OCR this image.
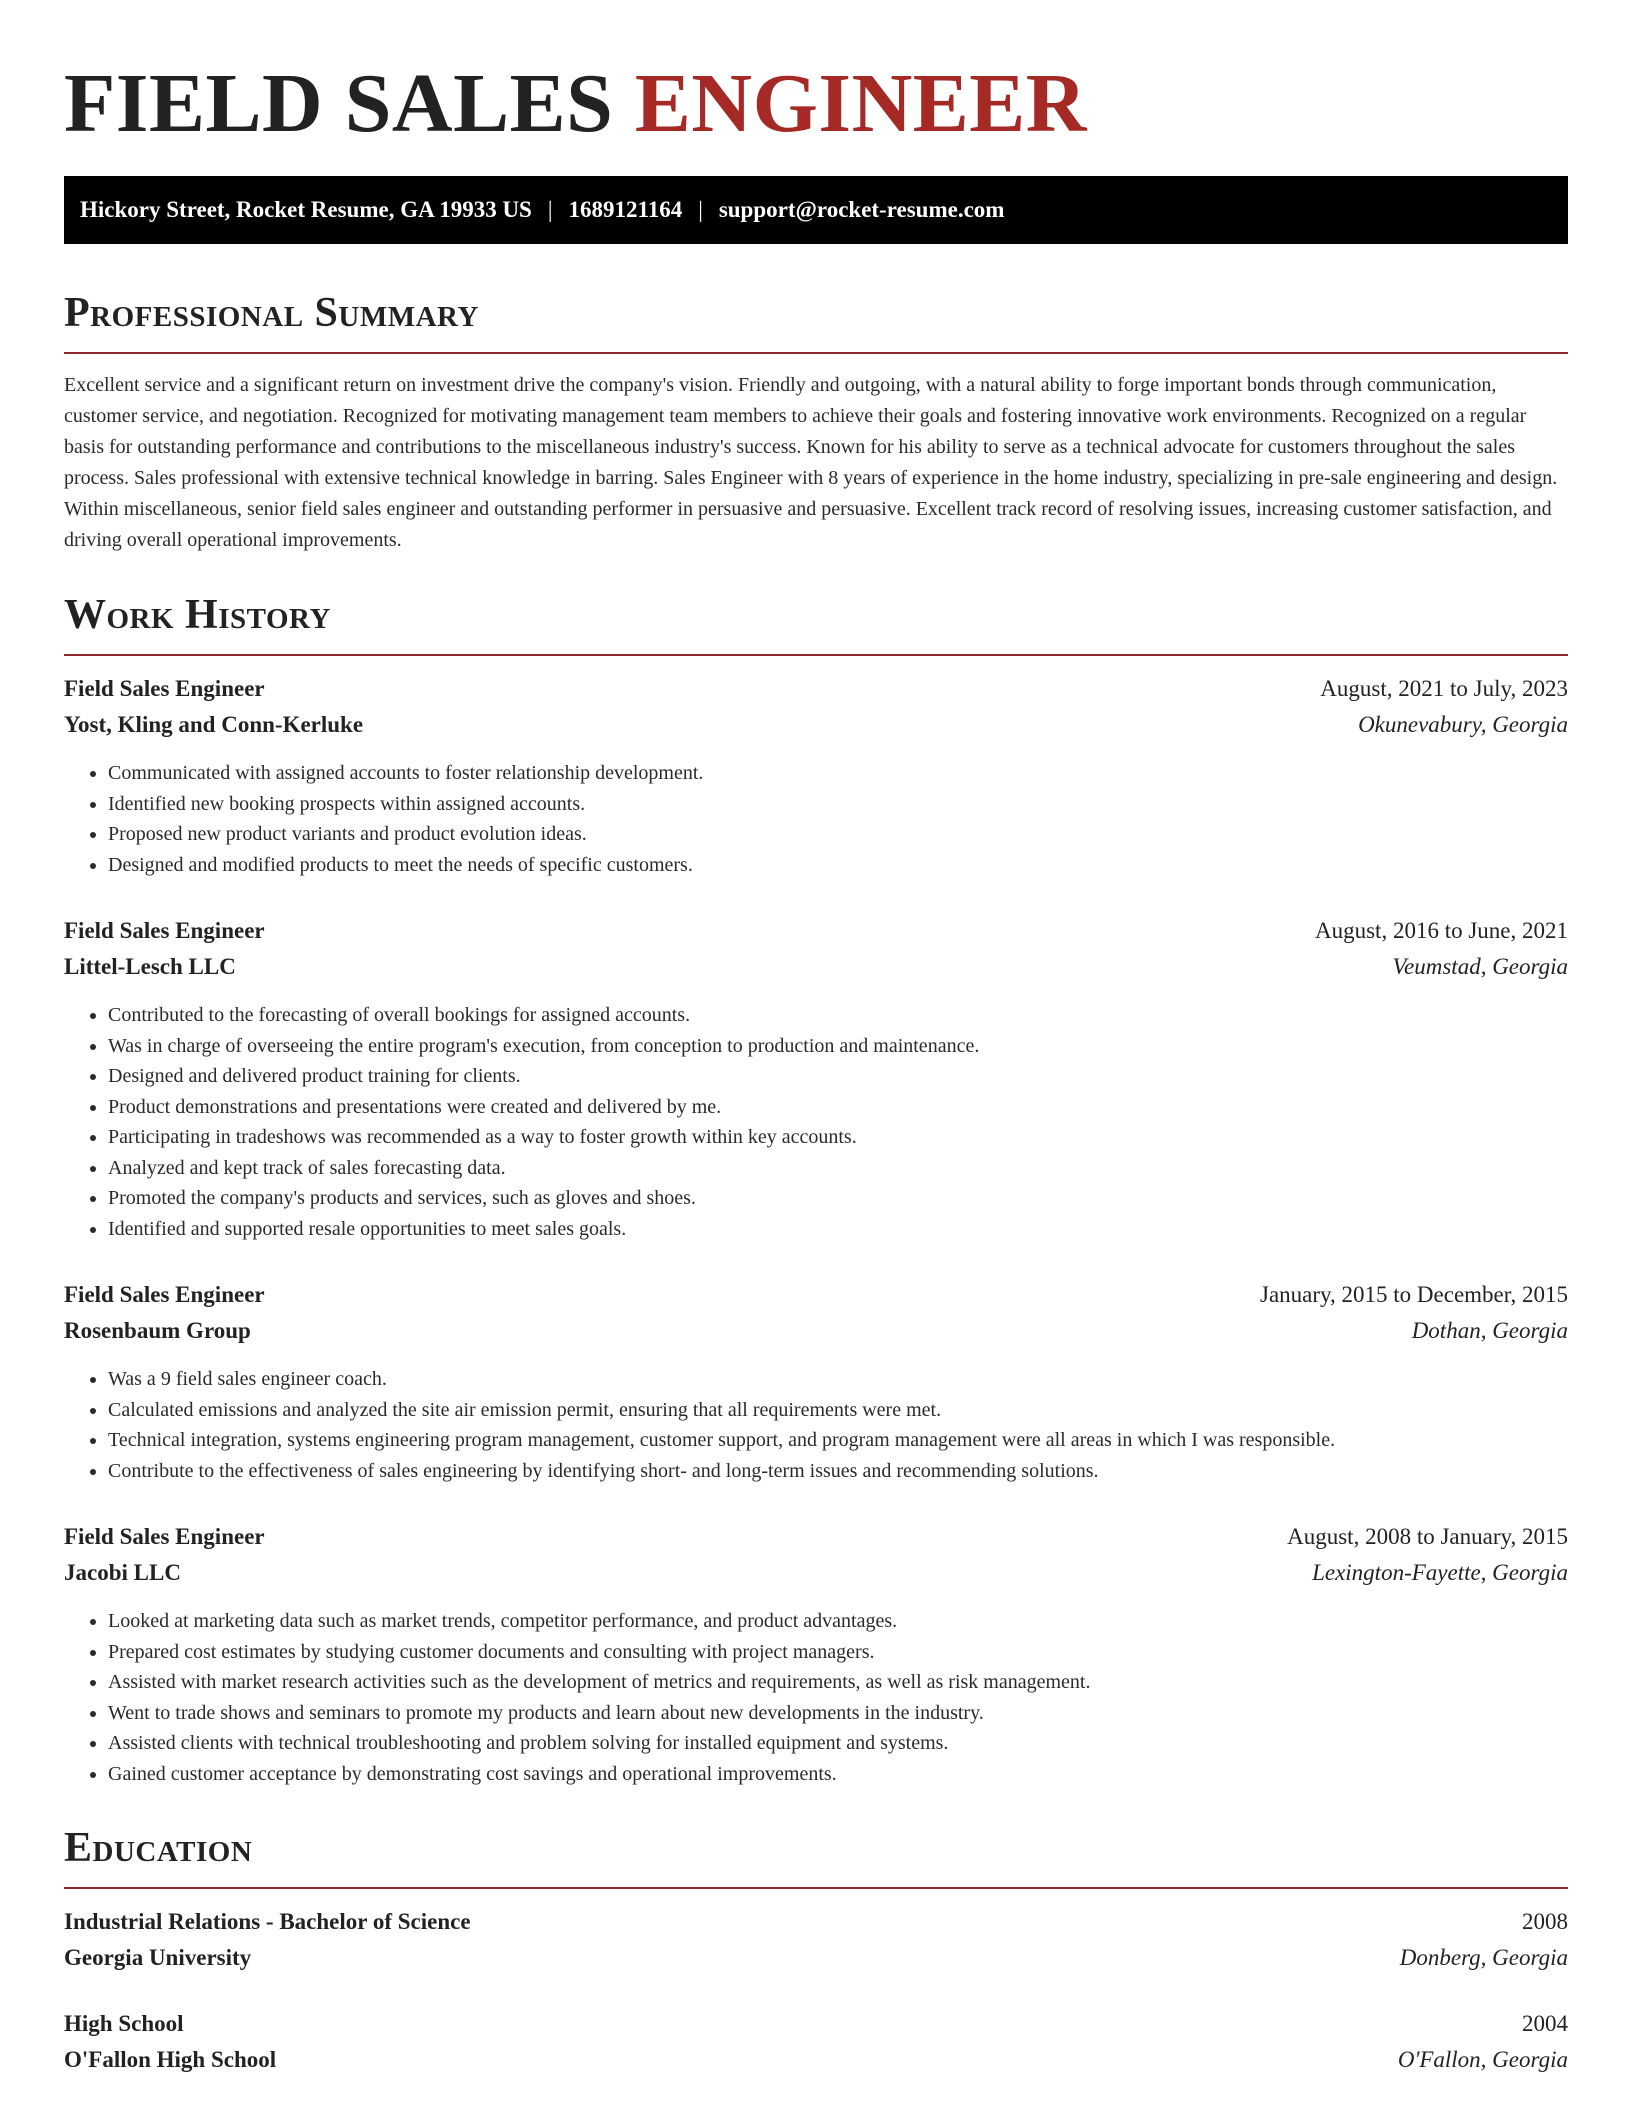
FIELD SALES ENGINEER
Hickory Street, Rocket Resume, GA 19933 US | 1689121164 | support@rocket-resume.com
Professional Summary

Excellent service and a significant return on investment drive the company's vision. Friendly and outgoing, with a natural ability to forge important bonds through communication, customer service, and negotiation. Recognized for motivating management team members to achieve their goals and fostering innovative work environments. Recognized on a regular basis for outstanding performance and contributions to the miscellaneous industry's success. Known for his ability to serve as a technical advocate for customers throughout the sales process. Sales professional with extensive technical knowledge in barring. Sales Engineer with 8 years of experience in the home industry, specializing in pre-sale engineering and design. Within miscellaneous, senior field sales engineer and outstanding performer in persuasive and persuasive. Excellent track record of resolving issues, increasing customer satisfaction, and driving overall operational improvements.

Work History
Field Sales Engineer	August, 2021 to July, 2023
Yost, Kling and Conn-Kerluke	Okunevabury, Georgia
• Communicated with assigned accounts to foster relationship development.
• Identified new booking prospects within assigned accounts.
• Proposed new product variants and product evolution ideas.
• Designed and modified products to meet the needs of specific customers.
Field Sales Engineer	August, 2016 to June, 2021
Littel-Lesch LLC	Veumstad, Georgia
• Contributed to the forecasting of overall bookings for assigned accounts.
• Was in charge of overseeing the entire program's execution, from conception to production and maintenance.
• Designed and delivered product training for clients.
• Product demonstrations and presentations were created and delivered by me.
• Participating in tradeshows was recommended as a way to foster growth within key accounts.
• Analyzed and kept track of sales forecasting data.
• Promoted the company's products and services, such as gloves and shoes.
• Identified and supported resale opportunities to meet sales goals.
Field Sales Engineer	January, 2015 to December, 2015
Rosenbaum Group	Dothan, Georgia
• Was a 9 field sales engineer coach.
• Calculated emissions and analyzed the site air emission permit, ensuring that all requirements were met.
• Technical integration, systems engineering program management, customer support, and program management were all areas in which I was responsible.
• Contribute to the effectiveness of sales engineering by identifying short- and long-term issues and recommending solutions.
Field Sales Engineer	August, 2008 to January, 2015
Jacobi LLC	Lexington-Fayette, Georgia
• Looked at marketing data such as market trends, competitor performance, and product advantages.
• Prepared cost estimates by studying customer documents and consulting with project managers.
• Assisted with market research activities such as the development of metrics and requirements, as well as risk management.
• Went to trade shows and seminars to promote my products and learn about new developments in the industry.
• Assisted clients with technical troubleshooting and problem solving for installed equipment and systems.
• Gained customer acceptance by demonstrating cost savings and operational improvements.
Education
Industrial Relations - Bachelor of Science	2008
Georgia University	Donberg, Georgia
High School	2004
O'Fallon High School	O'Fallon, Georgia
